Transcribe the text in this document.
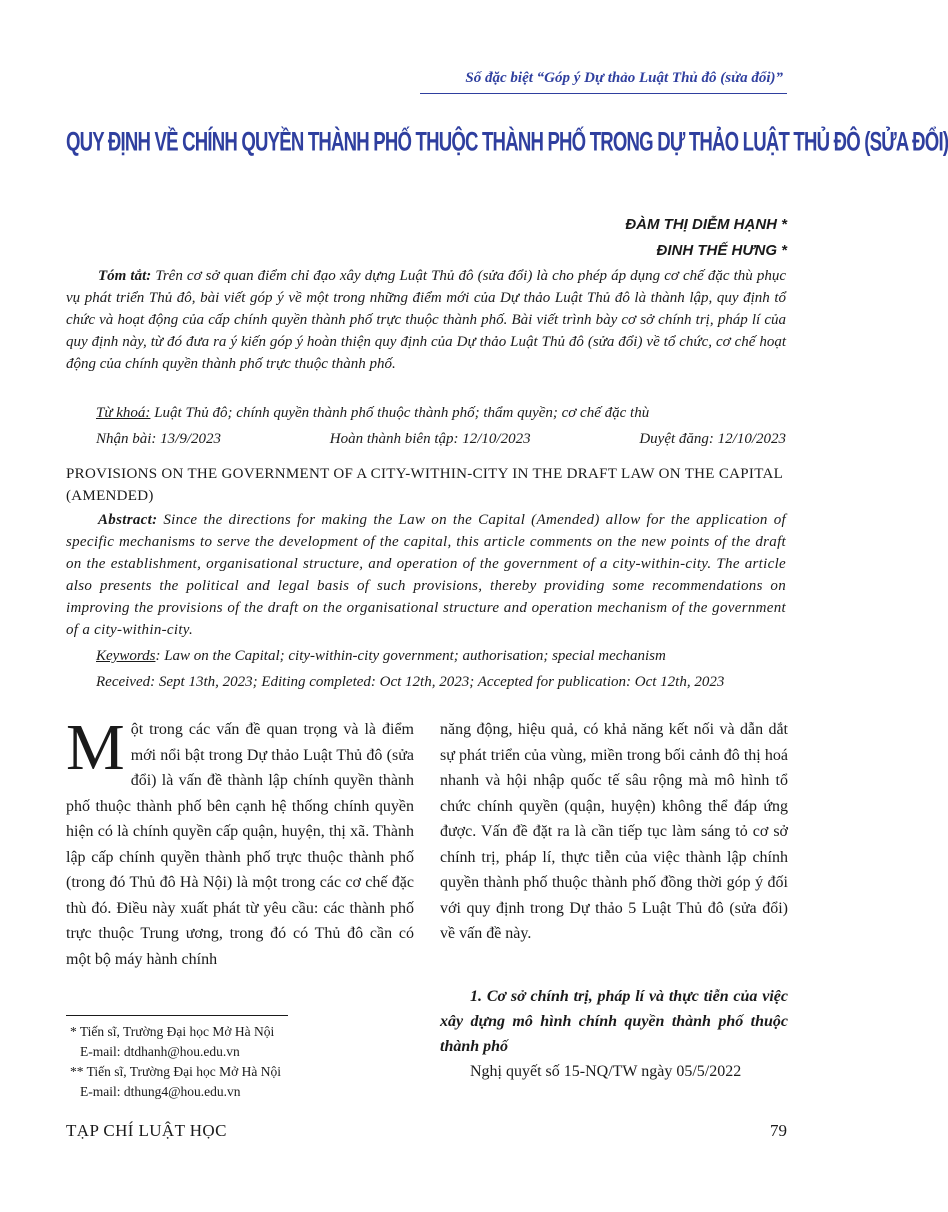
Số đặc biệt “Góp ý Dự thảo Luật Thủ đô (sửa đổi)”
QUY ĐỊNH VỀ CHÍNH QUYỀN THÀNH PHỐ THUỘC THÀNH PHỐ TRONG DỰ THẢO LUẬT THỦ ĐÔ (SỬA ĐỔI)
ĐÀM THỊ DIỄM HẠNH *
ĐINH THẾ HƯNG *
Tóm tắt: Trên cơ sở quan điểm chỉ đạo xây dựng Luật Thủ đô (sửa đổi) là cho phép áp dụng cơ chế đặc thù phục vụ phát triển Thủ đô, bài viết góp ý về một trong những điểm mới của Dự thảo Luật Thủ đô là thành lập, quy định tổ chức và hoạt động của cấp chính quyền thành phố trực thuộc thành phố. Bài viết trình bày cơ sở chính trị, pháp lí của quy định này, từ đó đưa ra ý kiến góp ý hoàn thiện quy định của Dự thảo Luật Thủ đô (sửa đổi) về tổ chức, cơ chế hoạt động của chính quyền thành phố trực thuộc thành phố.
Từ khoá: Luật Thủ đô; chính quyền thành phố thuộc thành phố; thẩm quyền; cơ chế đặc thù
Nhận bài: 13/9/2023	Hoàn thành biên tập: 12/10/2023	Duyệt đăng: 12/10/2023
PROVISIONS ON THE GOVERNMENT OF A CITY-WITHIN-CITY IN THE DRAFT LAW ON THE CAPITAL (AMENDED)
Abstract: Since the directions for making the Law on the Capital (Amended) allow for the application of specific mechanisms to serve the development of the capital, this article comments on the new points of the draft on the establishment, organisational structure, and operation of the government of a city-within-city. The article also presents the political and legal basis of such provisions, thereby providing some recommendations on improving the provisions of the draft on the organisational structure and operation mechanism of the government of a city-within-city.
Keywords: Law on the Capital; city-within-city government; authorisation; special mechanism
Received: Sept 13th, 2023; Editing completed: Oct 12th, 2023; Accepted for publication: Oct 12th, 2023
M ột trong các vấn đề quan trọng và là điểm mới nổi bật trong Dự thảo Luật Thủ đô (sửa đổi) là vấn đề thành lập chính quyền thành phố thuộc thành phố bên cạnh hệ thống chính quyền hiện có là chính quyền cấp quận, huyện, thị xã. Thành lập cấp chính quyền thành phố trực thuộc thành phố (trong đó Thủ đô Hà Nội) là một trong các cơ chế đặc thù đó. Điều này xuất phát từ yêu cầu: các thành phố trực thuộc Trung ương, trong đó có Thủ đô cần có một bộ máy hành chính
năng động, hiệu quả, có khả năng kết nối và dẫn dắt sự phát triển của vùng, miền trong bối cảnh đô thị hoá nhanh và hội nhập quốc tế sâu rộng mà mô hình tổ chức chính quyền (quận, huyện) không thể đáp ứng được. Vấn đề đặt ra là cần tiếp tục làm sáng tỏ cơ sở chính trị, pháp lí, thực tiễn của việc thành lập chính quyền thành phố thuộc thành phố đồng thời góp ý đối với quy định trong Dự thảo 5 Luật Thủ đô (sửa đổi) về vấn đề này.
1. Cơ sở chính trị, pháp lí và thực tiễn của việc xây dựng mô hình chính quyền thành phố thuộc thành phố
Nghị quyết số 15-NQ/TW ngày 05/5/2022
* Tiến sĩ, Trường Đại học Mở Hà Nội
E-mail: dtdhanh@hou.edu.vn
** Tiến sĩ, Trường Đại học Mở Hà Nội
E-mail: dthung4@hou.edu.vn
TẠP CHÍ LUẬT HỌC	79
